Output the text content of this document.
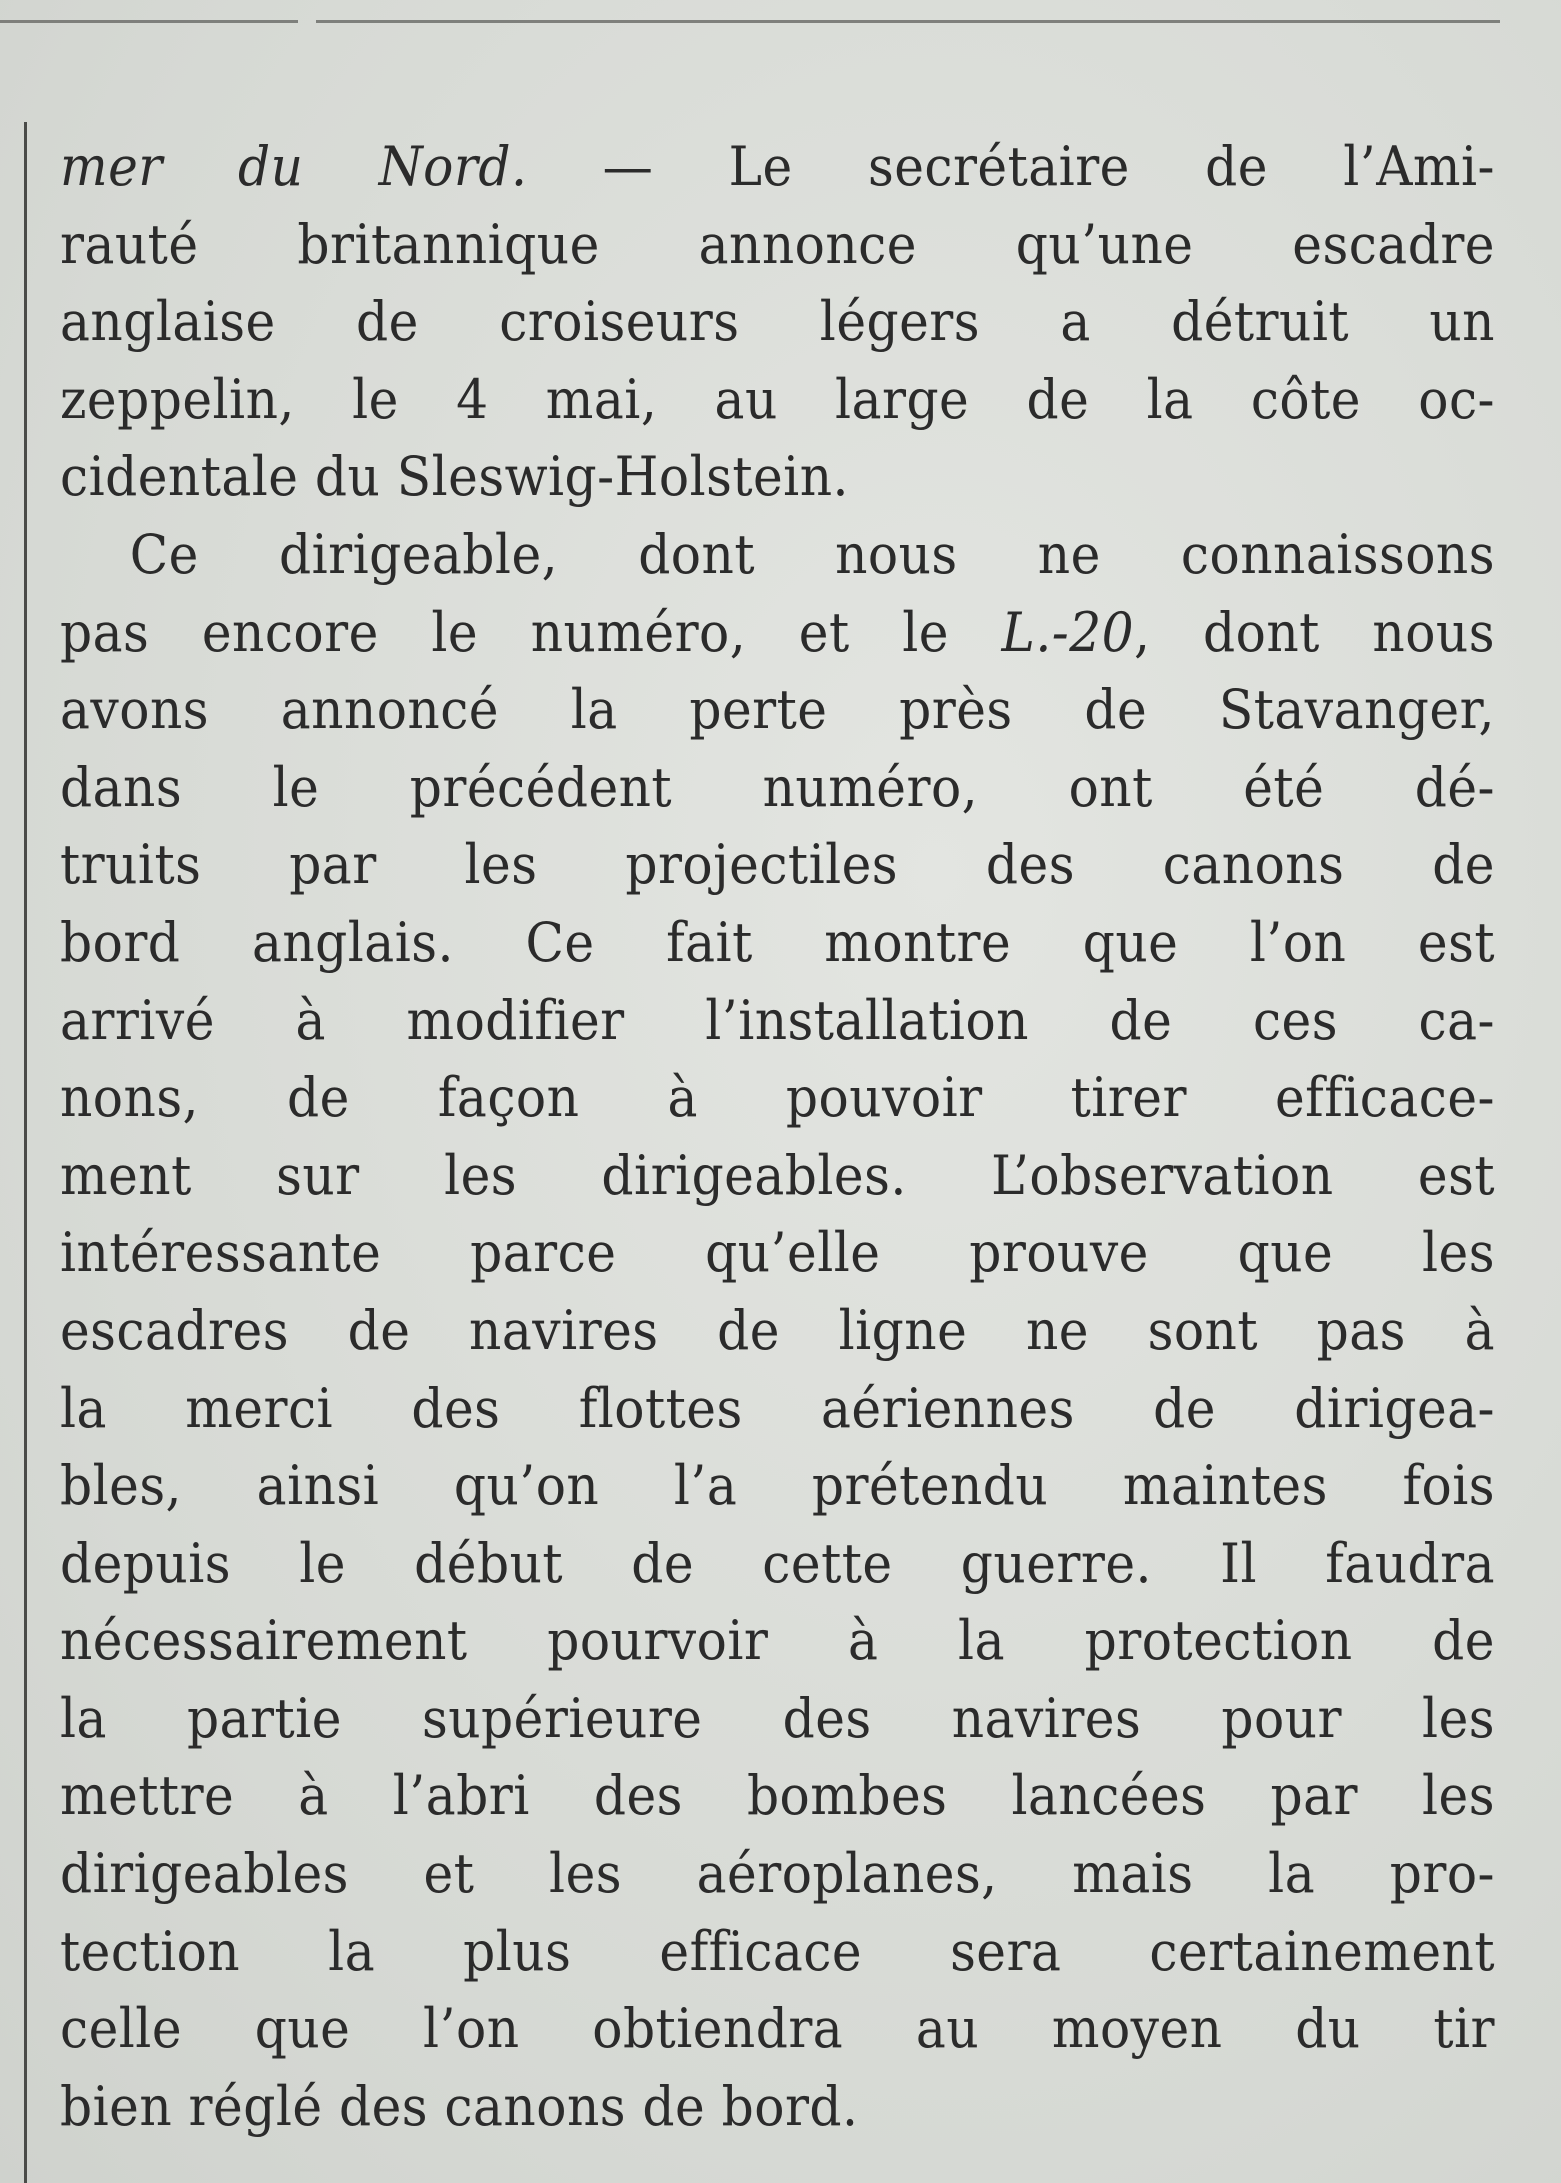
mer du Nord. — Le secrétaire de l’Ami-
rauté britannique annonce qu’une escadre
anglaise de croiseurs légers a détruit un
zeppelin, le 4 mai, au large de la côte oc-
cidentale du Sleswig-Holstein.
Ce dirigeable, dont nous ne connaissons
pas encore le numéro, et le L.-20, dont nous
avons annoncé la perte près de Stavanger,
dans le précédent numéro, ont été dé-
truits par les projectiles des canons de
bord anglais. Ce fait montre que l’on est
arrivé à modifier l’installation de ces ca-
nons, de façon à pouvoir tirer efficace-
ment sur les dirigeables. L’observation est
intéressante parce qu’elle prouve que les
escadres de navires de ligne ne sont pas à
la merci des flottes aériennes de dirigea-
bles, ainsi qu’on l’a prétendu maintes fois
depuis le début de cette guerre. Il faudra
nécessairement pourvoir à la protection de
la partie supérieure des navires pour les
mettre à l’abri des bombes lancées par les
dirigeables et les aéroplanes, mais la pro-
tection la plus efficace sera certainement
celle que l’on obtiendra au moyen du tir
bien réglé des canons de bord.
